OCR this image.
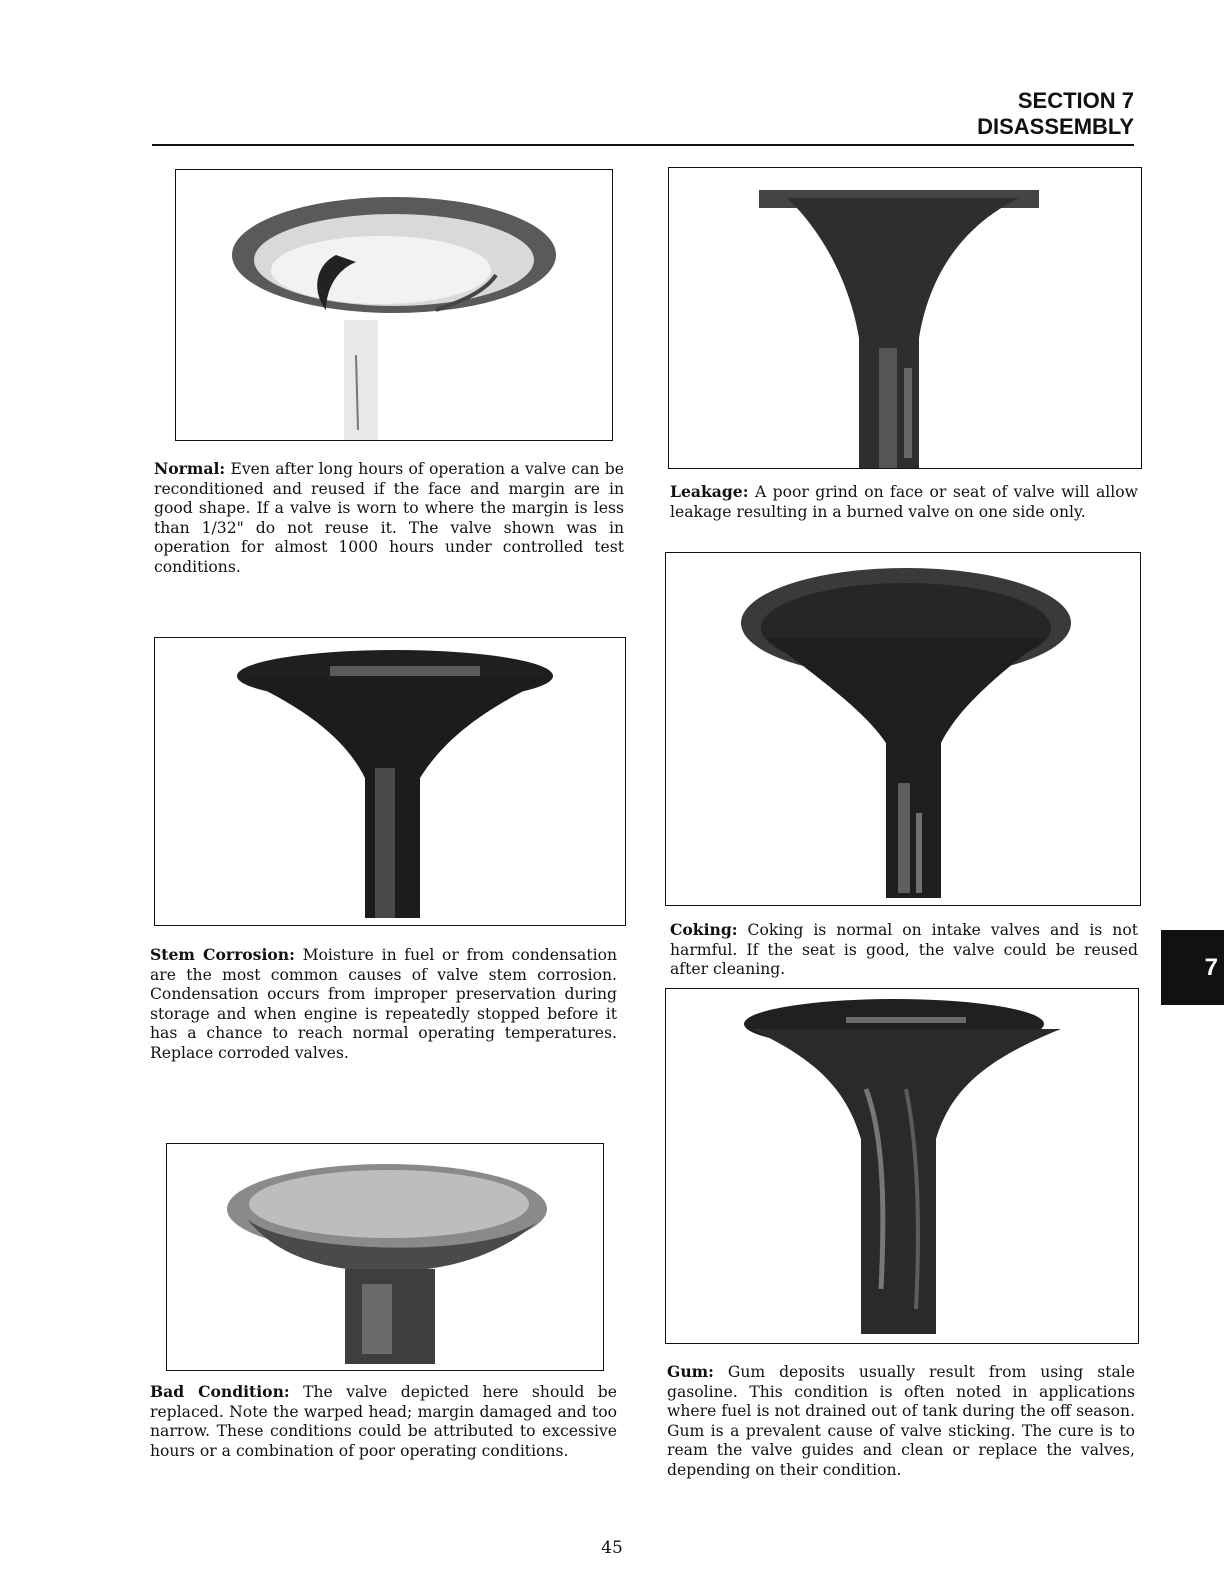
SECTION 7
DISASSEMBLY
Normal: Even after long hours of operation a valve can be reconditioned and reused if the face and margin are in good shape. If a valve is worn to where the margin is less than 1/32" do not reuse it. The valve shown was in operation for almost 1000 hours under controlled test conditions.
Leakage: A poor grind on face or seat of valve will allow leakage resulting in a burned valve on one side only.
Stem Corrosion: Moisture in fuel or from condensation are the most common causes of valve stem corrosion. Condensation occurs from improper preservation during storage and when engine is repeatedly stopped before it has a chance to reach normal operating temperatures. Replace corroded valves.
Coking: Coking is normal on intake valves and is not harmful. If the seat is good, the valve could be reused after cleaning.
Bad Condition: The valve depicted here should be replaced. Note the warped head; margin damaged and too narrow. These conditions could be attributed to excessive hours or a combination of poor operating conditions.
Gum: Gum deposits usually result from using stale gasoline. This condition is often noted in applications where fuel is not drained out of tank during the off season. Gum is a prevalent cause of valve sticking. The cure is to ream the valve guides and clean or replace the valves, depending on their condition.
7
45
